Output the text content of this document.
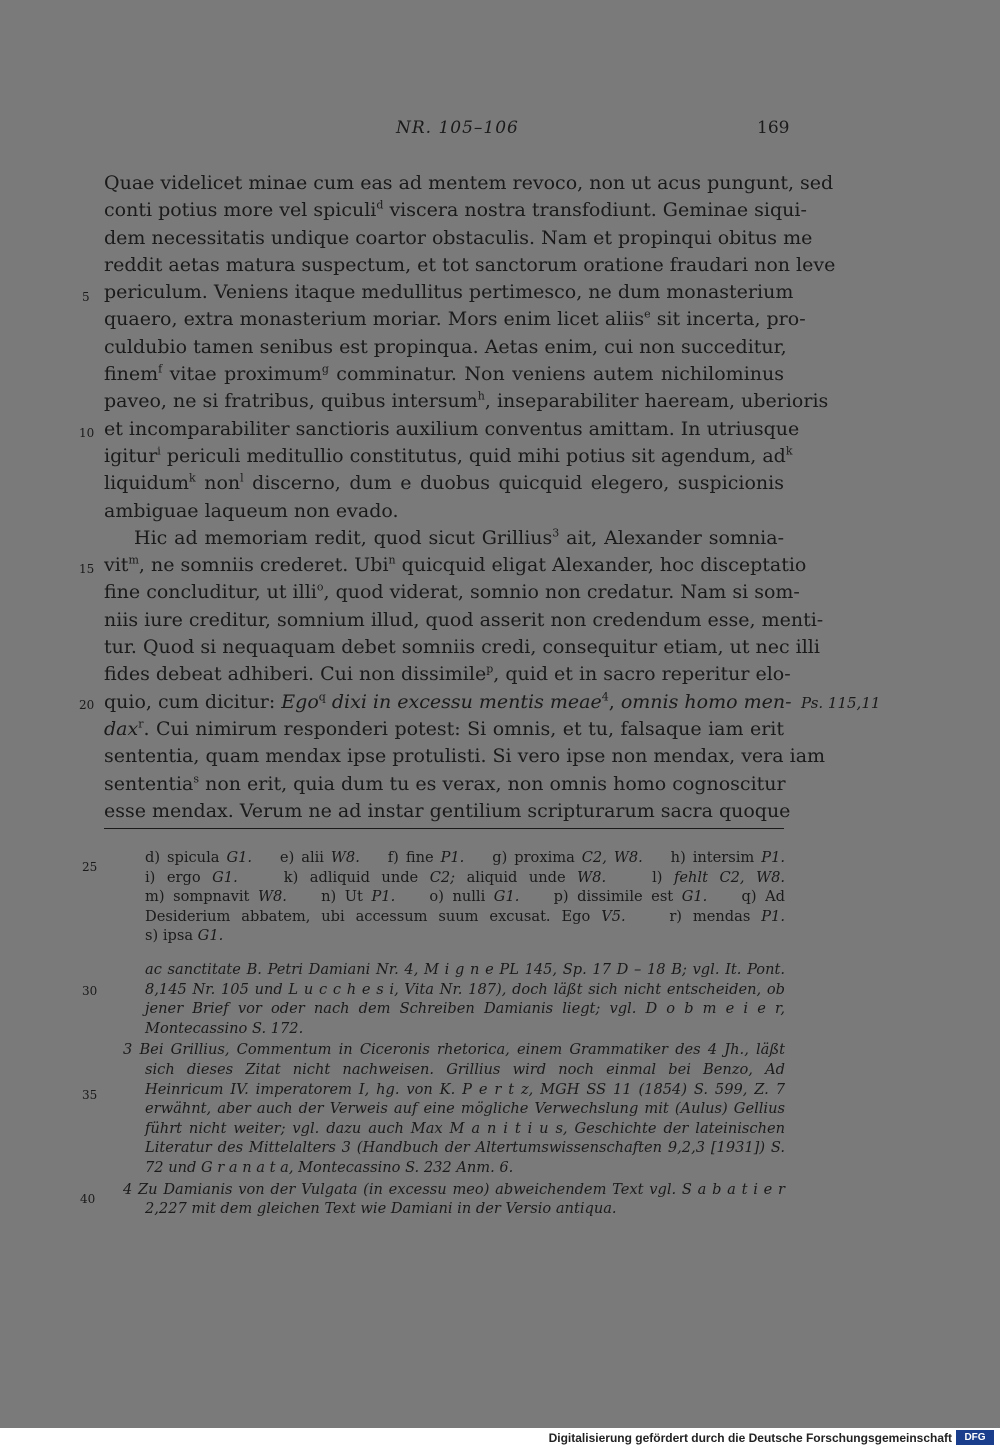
NR. 105–106	169
Quae videlicet minae cum eas ad mentem revoco, non ut acus pungunt, sed
conti potius more vel spiculi$^d$ viscera nostra transfodiunt. Geminae siqui-
dem necessitatis undique coartor obstaculis. Nam et propinqui obitus me
reddit aetas matura suspectum, et tot sanctorum oratione fraudari non leve
periculum. Veniens itaque medullitus pertimesco, ne dum monasterium
quaero, extra monasterium moriar. Mors enim licet aliis$^e$ sit incerta, pro-
culdubio tamen senibus est propinqua. Aetas enim, cui non succeditur,
finem$^f$ vitae proximum$^g$ comminatur. Non veniens autem nichilominus
paveo, ne si fratribus, quibus intersum$^h$, inseparabiliter haeream, uberioris
et incomparabiliter sanctioris auxilium conventus amittam. In utriusque
igitur$^i$ periculi meditullio constitutus, quid mihi potius sit agendum, $ad^k$
liquidum$^k$ non$^l$ discerno, dum e duobus quicquid elegero, suspicionis
ambiguae laqueum non evado.
Hic ad memoriam redit, quod sicut Grillius$^3$ ait, Alexander somnia-
vit$^m$, ne somniis crederet. Ubi$^n$ quicquid eligat Alexander, hoc disceptatio
fine concluditur, ut illi$^o$, quod viderat, somnio non credatur. Nam si som-
niis iure creditur, somnium illud, quod asserit non credendum esse, menti-
tur. Quod si nequaquam debet somniis credi, consequitur etiam, ut nec illi
fides debeat adhiberi. Cui non dissimile$^p$, quid et in sacro reperitur elo-
quio, cum dicitur: Ego$^q$ dixi in excessu mentis meae$^4$, omnis homo men-
dax$^r$. Cui nimirum responderi potest: Si omnis, et tu, falsaque iam erit
sententia, quam mendax ipse protulisti. Si vero ipse non mendax, vera iam
sententia$^s$ non erit, quia dum tu es verax, non omnis homo cognoscitur
esse mendax. Verum ne ad instar gentilium scripturarum sacra quoque
5
10
15
20
25
30
35
40
Ps. 115,11
d) spicula G1.    e) alii W8.    f) fine P1.    g) proxima C2, W8.    h) intersim P1.
i) ergo G1.    k) adliquid unde C2; aliquid unde W8.    l) fehlt C2, W8.
m) sompnavit W8.    n) Ut P1.    o) nulli G1.    p) dissimile est G1.    q) Ad
Desiderium abbatem, ubi accessum suum excusat. Ego V5.    r) mendas P1.
s) ipsa G1.
ac sanctitate B. Petri Damiani Nr. 4, M i g n e PL 145, Sp. 17 D – 18 B; vgl. It. Pont. 8,145 Nr. 105 und L u c c h e s i, Vita Nr. 187), doch läßt sich nicht entscheiden, ob jener Brief vor oder nach dem Schreiben Damianis liegt; vgl. D o b m e i e r, Montecassino S. 172.
3 Bei Grillius, Commentum in Ciceronis rhetorica, einem Grammatiker des 4 Jh., läßt sich dieses Zitat nicht nachweisen. Grillius wird noch einmal bei Benzo, Ad Heinricum IV. imperatorem I, hg. von K. P e r t z, MGH SS 11 (1854) S. 599, Z. 7 erwähnt, aber auch der Verweis auf eine mögliche Verwechslung mit (Aulus) Gellius führt nicht weiter; vgl. dazu auch Max M a n i t i u s, Geschichte der lateinischen Literatur des Mittelalters 3 (Handbuch der Altertumswissenschaften 9,2,3 [1931]) S. 72 und G r a n a t a, Montecassino S. 232 Anm. 6.
4 Zu Damianis von der Vulgata (in excessu meo) abweichendem Text vgl. S a b a t i e r 2,227 mit dem gleichen Text wie Damiani in der Versio antiqua.
Digitalisierung gefördert durch die Deutsche Forschungsgemeinschaft	DFG
